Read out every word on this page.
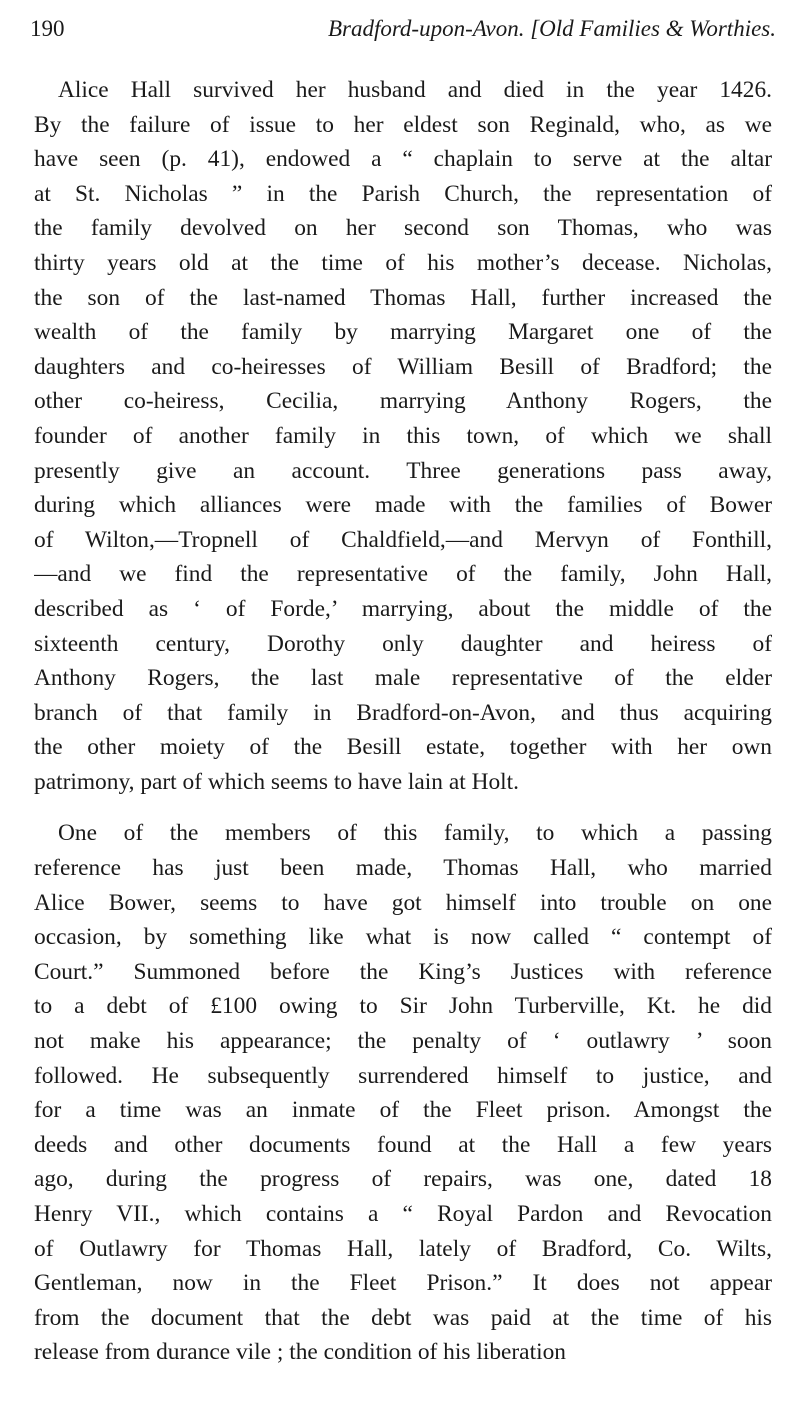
190	Bradford-upon-Avon. [Old Families & Worthies.

Alice Hall survived her husband and died in the year 1426.
By the failure of issue to her eldest son Reginald, who, as we
have seen (p. 41), endowed a “ chaplain to serve at the altar
at St. Nicholas ” in the Parish Church, the representation of
the family devolved on her second son Thomas, who was
thirty years old at the time of his mother’s decease. Nicholas,
the son of the last-named Thomas Hall, further increased the
wealth of the family by marrying Margaret one of the
daughters and co-heiresses of William Besill of Bradford; the
other co-heiress, Cecilia, marrying Anthony Rogers, the
founder of another family in this town, of which we shall
presently give an account. Three generations pass away,
during which alliances were made with the families of Bower
of Wilton,—Tropnell of Chaldfield,—and Mervyn of Fonthill,
—and we find the representative of the family, John Hall,
described as ‘ of Forde,’ marrying, about the middle of the
sixteenth century, Dorothy only daughter and heiress of
Anthony Rogers, the last male representative of the elder
branch of that family in Bradford-on-Avon, and thus acquiring
the other moiety of the Besill estate, together with her own
patrimony, part of which seems to have lain at Holt.

One of the members of this family, to which a passing
reference has just been made, Thomas Hall, who married
Alice Bower, seems to have got himself into trouble on one
occasion, by something like what is now called “ contempt of
Court.” Summoned before the King’s Justices with reference
to a debt of £100 owing to Sir John Turberville, Kt. he did
not make his appearance; the penalty of ‘ outlawry ’ soon
followed. He subsequently surrendered himself to justice, and
for a time was an inmate of the Fleet prison. Amongst the
deeds and other documents found at the Hall a few years
ago, during the progress of repairs, was one, dated 18
Henry VII., which contains a “ Royal Pardon and Revocation
of Outlawry for Thomas Hall, lately of Bradford, Co. Wilts,
Gentleman, now in the Fleet Prison.” It does not appear
from the document that the debt was paid at the time of his
release from durance vile ; the condition of his liberation
